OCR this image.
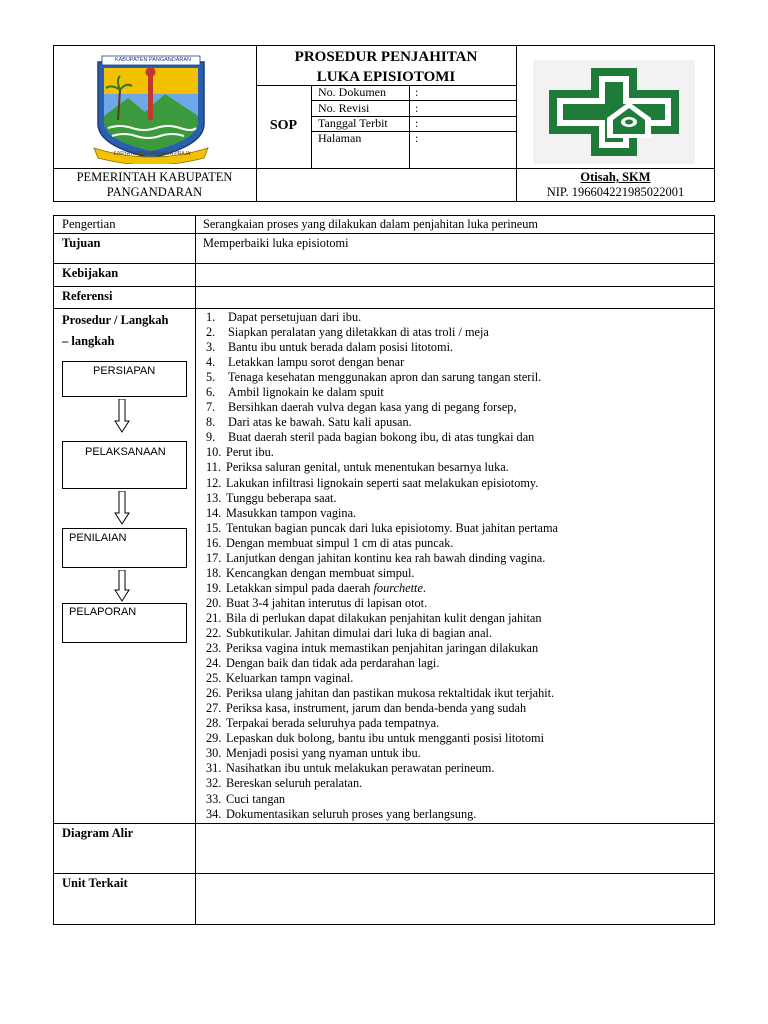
KABUPATEN PANGANDARAN
KARYA KARSA MAKARYA PRAJA
PROSEDUR PENJAHITAN
LUKA EPISIOTOMI
SOP
No. Dokumen	:
No. Revisi	:
Tanggal Terbit	:
Halaman	:
PEMERINTAH KABUPATEN
PANGANDARAN
Otisah, SKM
NIP. 196604221985022001
Pengertian	Serangkaian proses yang dilakukan dalam penjahitan luka perineum
Tujuan	Memperbaiki luka episiotomi
Kebijakan
Referensi
Prosedur / Langkah
– langkah
PERSIAPAN
PELAKSANAAN
PENILAIAN
PELAPORAN
1. Dapat persetujuan dari ibu.
2. Siapkan peralatan yang diletakkan di atas troli / meja
3. Bantu ibu untuk berada dalam posisi litotomi.
4. Letakkan lampu sorot dengan benar
5. Tenaga kesehatan menggunakan apron dan sarung tangan steril.
6. Ambil lignokain ke dalam spuit
7. Bersihkan daerah vulva degan kasa yang di pegang forsep,
8. Dari atas ke bawah. Satu kali apusan.
9. Buat daerah steril pada bagian bokong ibu, di atas tungkai dan
10. Perut ibu.
11. Periksa saluran genital, untuk menentukan besarnya luka.
12. Lakukan infiltrasi lignokain seperti saat melakukan episiotomy.
13. Tunggu beberapa saat.
14. Masukkan tampon vagina.
15. Tentukan bagian puncak dari luka episiotomy. Buat jahitan pertama
16. Dengan membuat simpul 1 cm di atas puncak.
17. Lanjutkan dengan jahitan kontinu kea rah bawah dinding vagina.
18. Kencangkan dengan membuat simpul.
19. Letakkan simpul pada daerah fourchette.
20. Buat 3-4 jahitan interutus di lapisan otot.
21. Bila di perlukan dapat dilakukan penjahitan kulit dengan jahitan
22. Subkutikular. Jahitan dimulai dari luka di bagian anal.
23. Periksa vagina intuk memastikan penjahitan jaringan dilakukan
24. Dengan baik dan tidak ada perdarahan lagi.
25. Keluarkan tampn vaginal.
26. Periksa ulang jahitan dan pastikan mukosa rektaltidak ikut terjahit.
27. Periksa kasa, instrument, jarum dan benda-benda yang sudah
28. Terpakai berada seluruhya pada tempatnya.
29. Lepaskan duk bolong, bantu ibu untuk mengganti posisi litotomi
30. Menjadi posisi yang nyaman untuk ibu.
31. Nasihatkan ibu untuk melakukan perawatan perineum.
32. Bereskan seluruh peralatan.
33. Cuci tangan
34. Dokumentasikan seluruh proses yang berlangsung.
Diagram Alir
Unit Terkait
